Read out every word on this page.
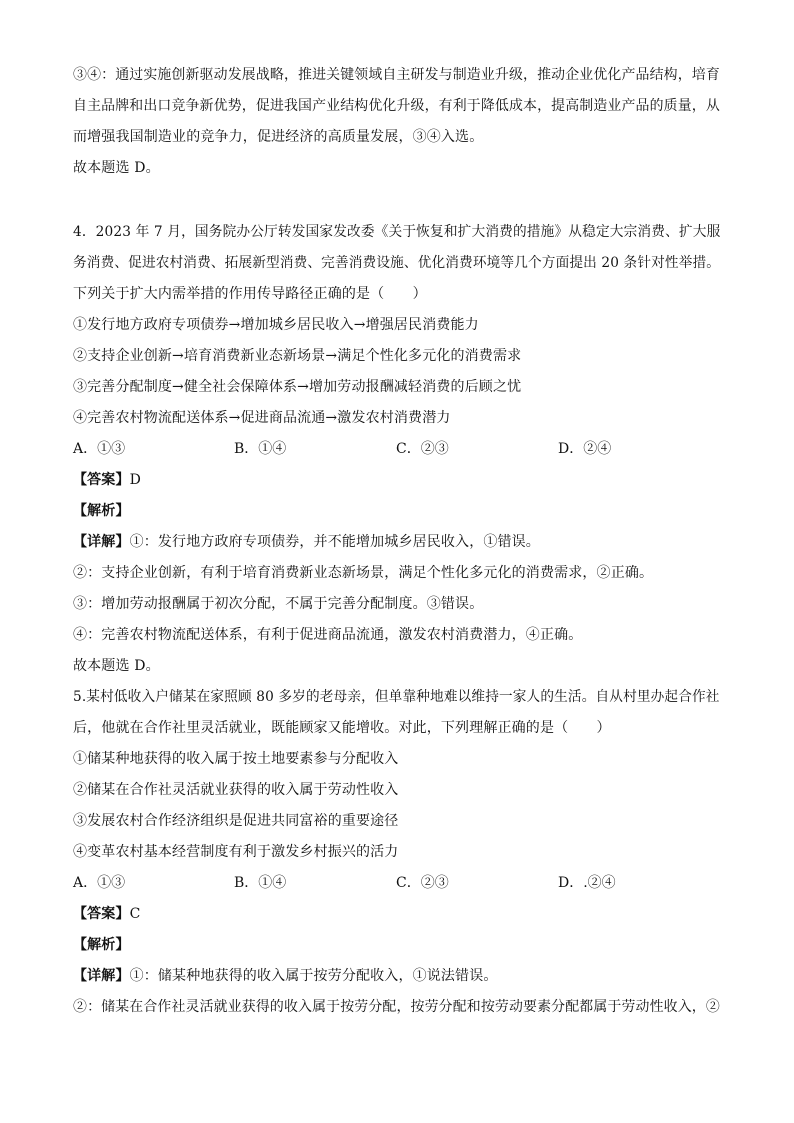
③④：通过实施创新驱动发展战略，推进关键领域自主研发与制造业升级，推动企业优化产品结构，培育
自主品牌和出口竞争新优势，促进我国产业结构优化升级，有利于降低成本，提高制造业产品的质量，从
而增强我国制造业的竞争力，促进经济的高质量发展，③④入选。
故本题选 D。
4．2023 年 7 月，国务院办公厅转发国家发改委《关于恢复和扩大消费的措施》从稳定大宗消费、扩大服
务消费、促进农村消费、拓展新型消费、完善消费设施、优化消费环境等几个方面提出 20 条针对性举措。
下列关于扩大内需举措的作用传导路径正确的是（　　）
①发行地方政府专项债券→增加城乡居民收入→增强居民消费能力
②支持企业创新→培育消费新业态新场景→满足个性化多元化的消费需求
③完善分配制度→健全社会保障体系→增加劳动报酬减轻消费的后顾之忧
④完善农村物流配送体系→促进商品流通→激发农村消费潜力
A．①③	B．①④	C．②③	D．②④
【答案】D
【解析】
【详解】①：发行地方政府专项债券，并不能增加城乡居民收入，①错误。
②：支持企业创新，有利于培育消费新业态新场景，满足个性化多元化的消费需求，②正确。
③：增加劳动报酬属于初次分配，不属于完善分配制度。③错误。
④：完善农村物流配送体系，有利于促进商品流通，激发农村消费潜力，④正确。
故本题选 D。
5.某村低收入户储某在家照顾 80 多岁的老母亲，但单靠种地难以维持一家人的生活。自从村里办起合作社
后，他就在合作社里灵活就业，既能顾家又能增收。对此，下列理解正确的是（　　）
①储某种地获得的收入属于按土地要素参与分配收入
②储某在合作社灵活就业获得的收入属于劳动性收入
③发展农村合作经济组织是促进共同富裕的重要途径
④变革农村基本经营制度有利于激发乡村振兴的活力
A．①③	B．①④	C．②③	D．.②④
【答案】C
【解析】
【详解】①：储某种地获得的收入属于按劳分配收入，①说法错误。
②：储某在合作社灵活就业获得的收入属于按劳分配，按劳分配和按劳动要素分配都属于劳动性收入，②
